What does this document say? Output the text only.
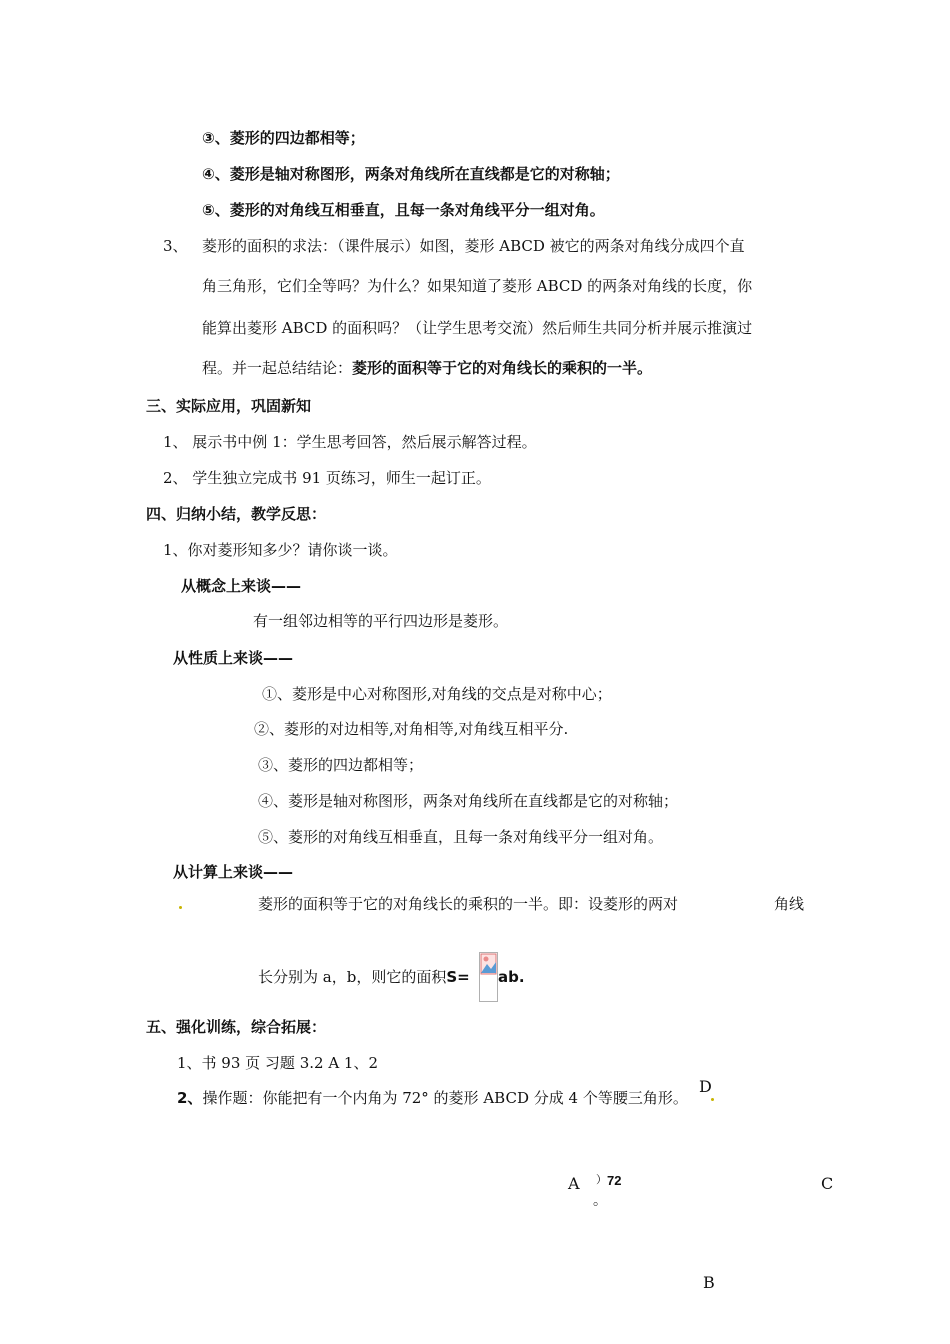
③、菱形的四边都相等；
④、菱形是轴对称图形，两条对角线所在直线都是它的对称轴；
⑤、菱形的对角线互相垂直，且每一条对角线平分一组对角。
3、 菱形的面积的求法：（课件展示）如图，菱形 ABCD 被它的两条对角线分成四个直
角三角形，它们全等吗？为什么？如果知道了菱形 ABCD 的两条对角线的长度，你
能算出菱形 ABCD 的面积吗？（让学生思考交流）然后师生共同分析并展示推演过
程。并一起总结结论：菱形的面积等于它的对角线长的乘积的一半。
三、实际应用，巩固新知
1、 展示书中例 1：学生思考回答，然后展示解答过程。
2、 学生独立完成书 91 页练习，师生一起订正。
四、归纳小结，教学反思：
1、你对菱形知多少？请你谈一谈。
从概念上来谈——
有一组邻边相等的平行四边形是菱形。
从性质上来谈——
①、菱形是中心对称图形,对角线的交点是对称中心；
②、菱形的对边相等,对角相等,对角线互相平分.
③、菱形的四边都相等；
④、菱形是轴对称图形，两条对角线所在直线都是它的对称轴；
⑤、菱形的对角线互相垂直，且每一条对角线平分一组对角。
从计算上来谈——
菱形的面积等于它的对角线长的乘积的一半。即：设菱形的两对	角线
长分别为 a，b，则它的面积S= ab.
五、强化训练，综合拓展：
1、书 93 页 习题 3.2 A 1、2
2、操作题：你能把有一个内角为 72° 的菱形 ABCD 分成 4 个等腰三角形。
D
A ） 72
。
C
B
